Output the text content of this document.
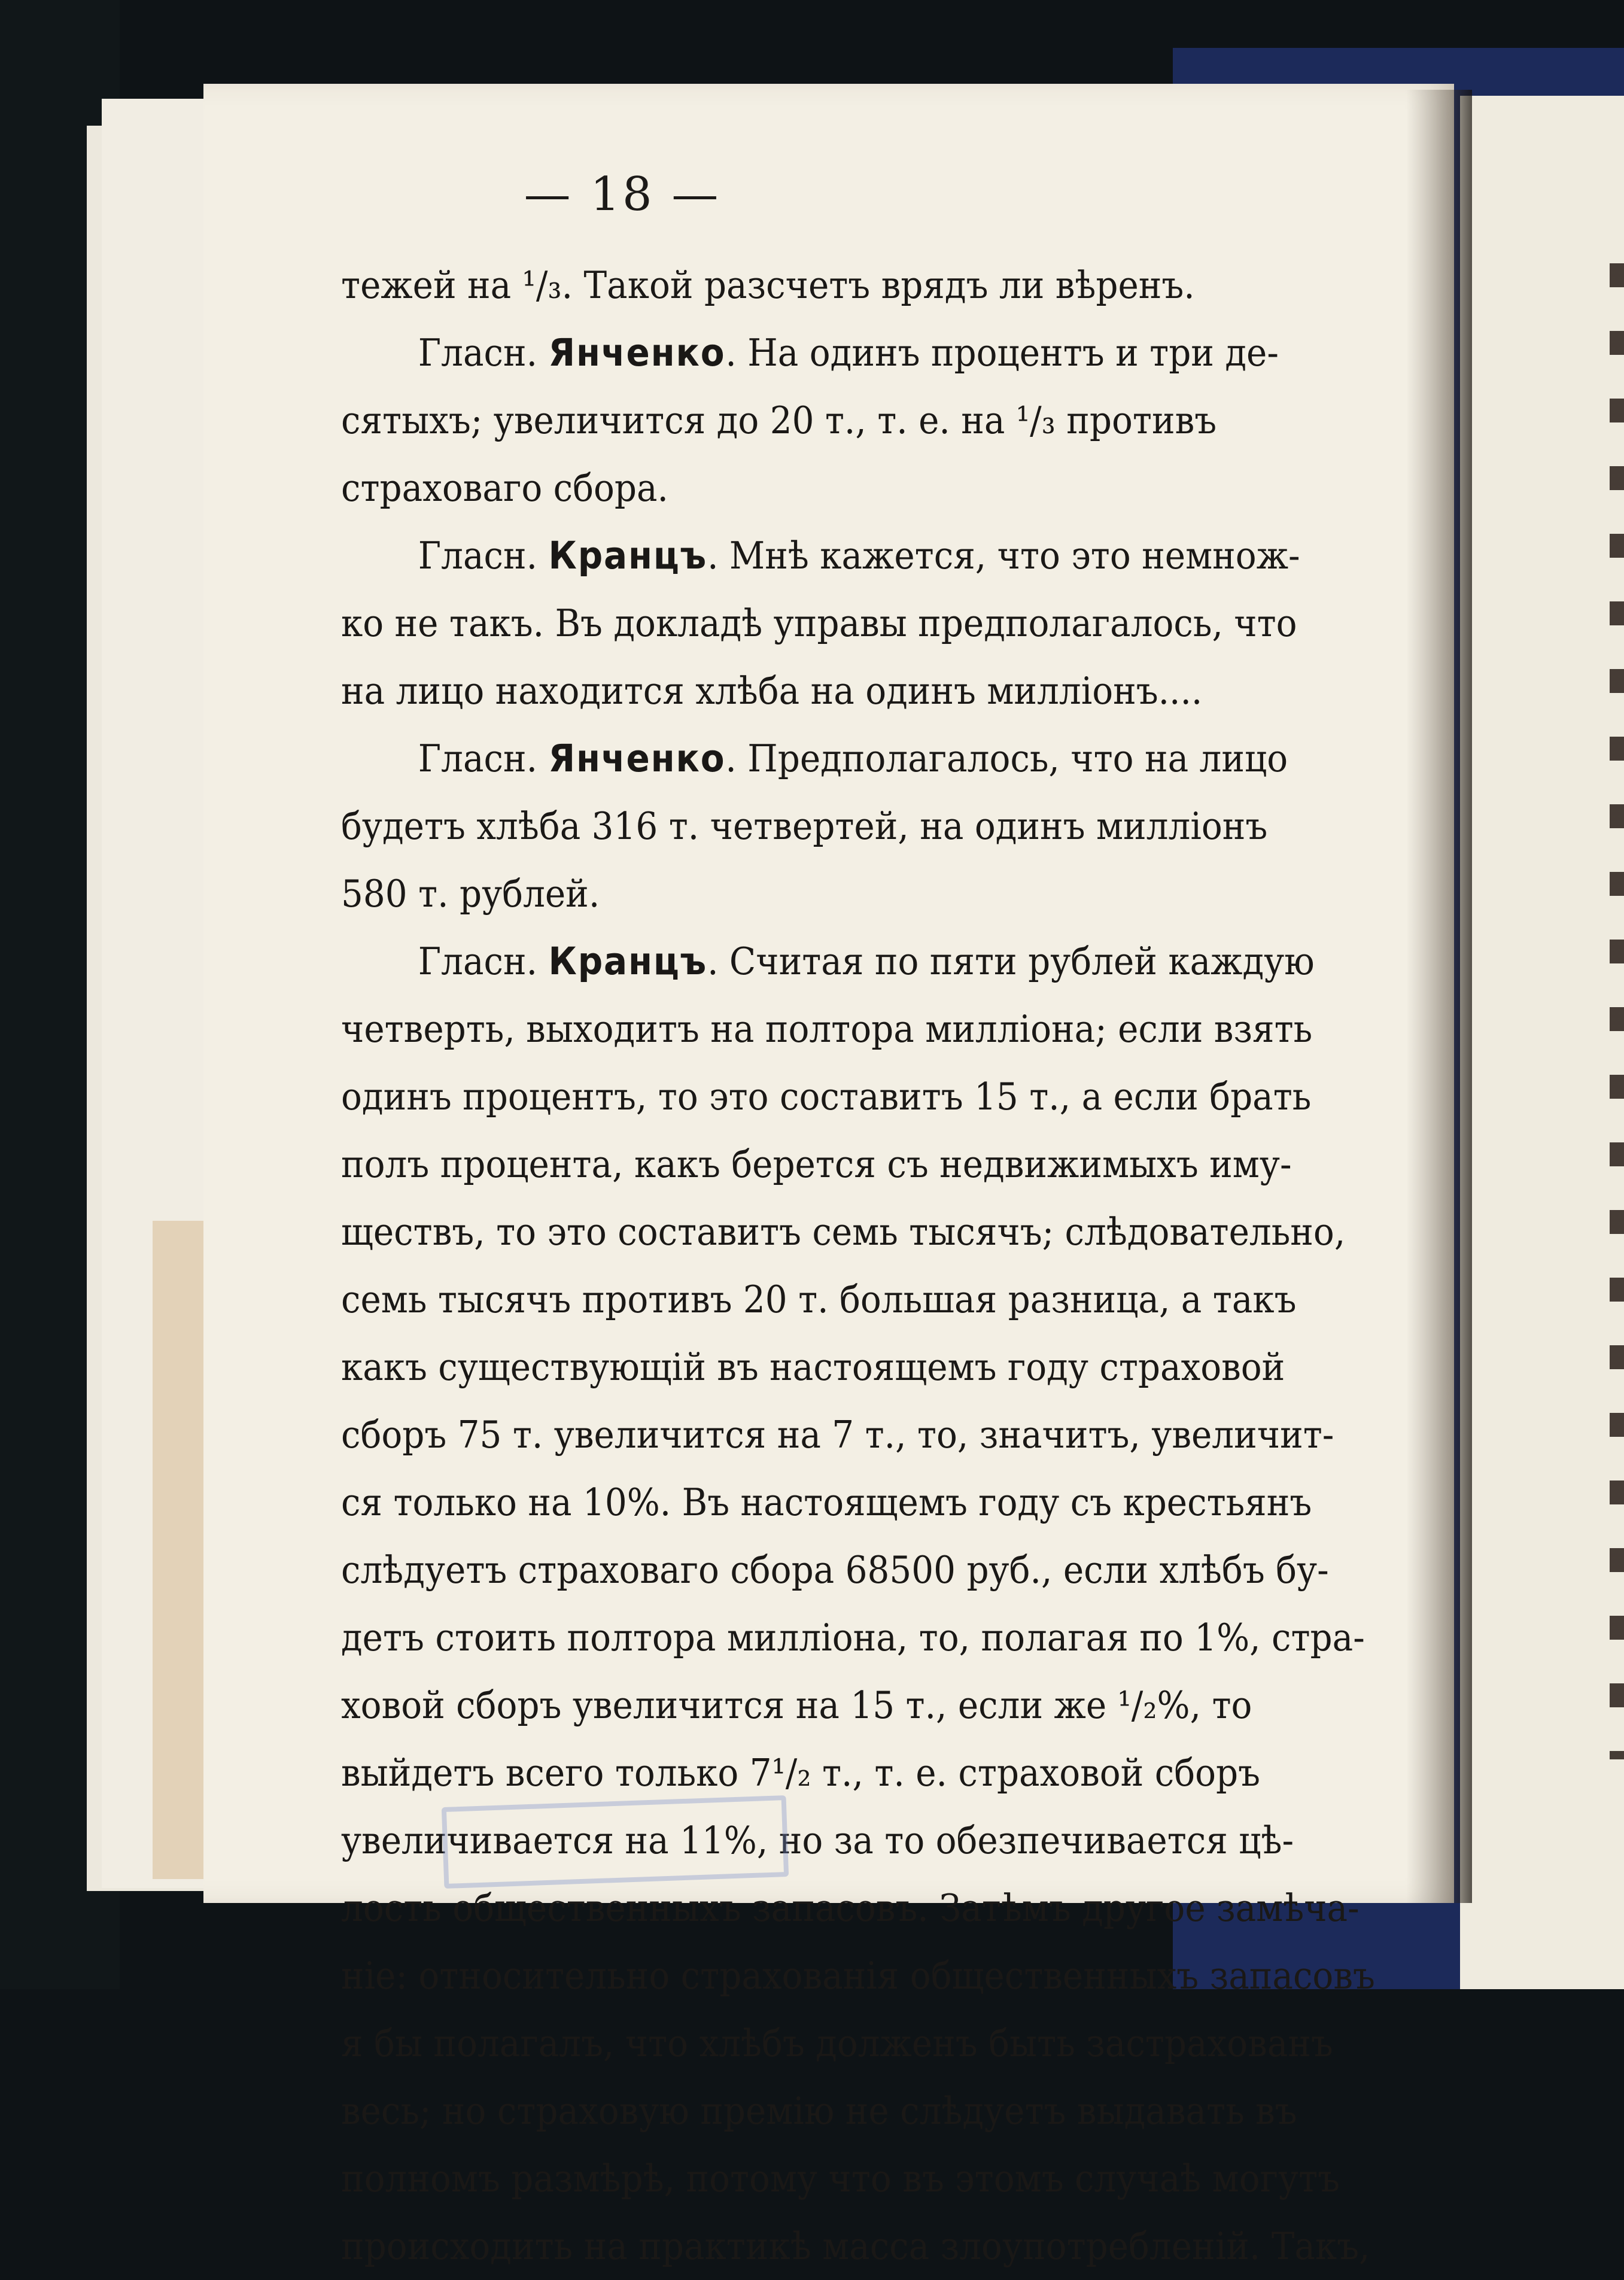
— 18 —
тежей на ¹/₃. Такой разсчетъ врядъ ли вѣренъ.
Гласн. Янченко. На одинъ процентъ и три де-
сятыхъ; увеличится до 20 т., т. е. на ¹/₃ противъ
страховаго сбора.
Гласн. Кранцъ. Мнѣ кажется, что это немнож-
ко не такъ. Въ докладѣ управы предполагалось, что
на лицо находится хлѣба на одинъ миллiонъ....
Гласн. Янченко. Предполагалось, что на лицо
будетъ хлѣба 316 т. четвертей, на одинъ миллiонъ
580 т. рублей.
Гласн. Кранцъ. Считая по пяти рублей каждую
четверть, выходитъ на полтора милліона; если взять
одинъ процентъ, то это составитъ 15 т., а если брать
полъ процента, какъ берется съ недвижимыхъ иму-
ществъ, то это составитъ семь тысячъ; слѣдовательно,
семь тысячъ противъ 20 т. большая разница, а такъ
какъ существующій въ настоящемъ году страховой
сборъ 75 т. увеличится на 7 т., то, значитъ, увеличит-
ся только на 10%. Въ настоящемъ году съ крестьянъ
слѣдуетъ страховаго сбора 68500 руб., если хлѣбъ бу-
детъ стоить полтора миллiона, то, полагая по 1%, стра-
ховой сборъ увеличится на 15 т., если же ¹/₂%, то
выйдетъ всего только 7¹/₂ т., т. е. страховой сборъ
увеличивается на 11%, но за то обезпечивается цѣ-
лость общественныхъ запасовъ. Затѣмъ другое замѣча-
ніе: относительно страхованія общественныхъ запасовъ
я бы полагалъ, что хлѣбъ долженъ быть застрахованъ
весь; но страховую премію не слѣдуетъ выдавать въ
полномъ размѣрѣ, потому что въ этомъ случаѣ могутъ
происходить на практикѣ масса злоупотребленій. Такъ,
